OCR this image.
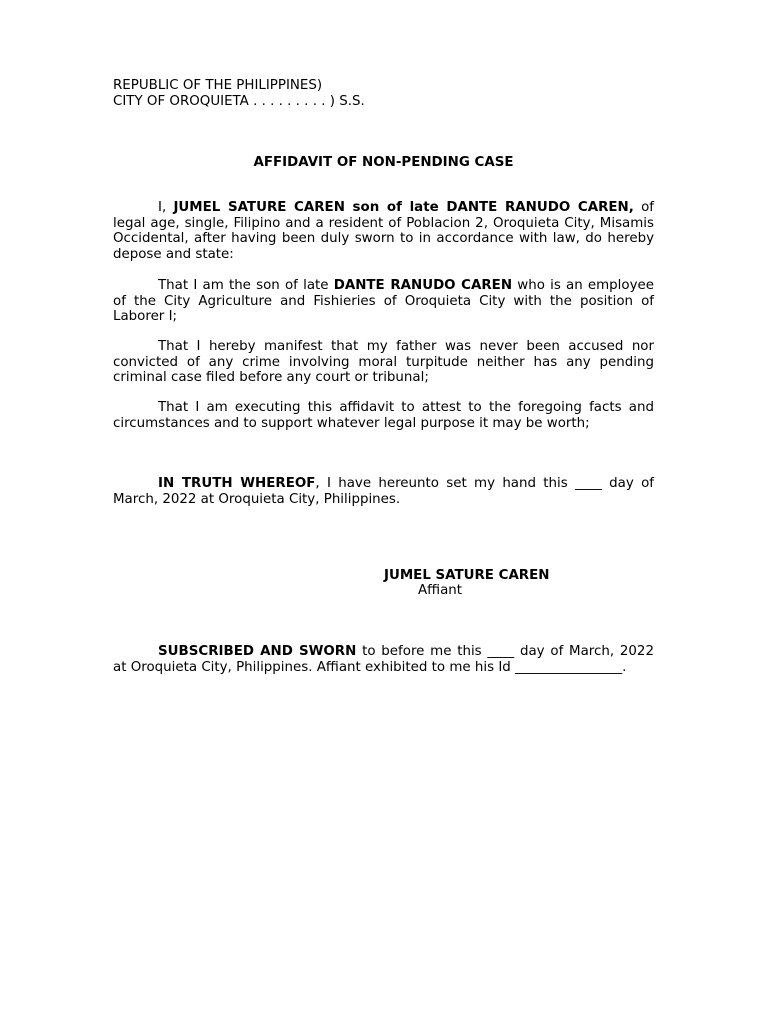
REPUBLIC OF THE PHILIPPINES)
CITY OF OROQUIETA . . . . . . . . . ) S.S.
AFFIDAVIT OF NON-PENDING CASE

I, JUMEL SATURE CAREN son of late DANTE RANUDO CAREN, of legal age, single, Filipino and a resident of Poblacion 2, Oroquieta City, Misamis Occidental, after having been duly sworn to in accordance with law, do hereby depose and state:

That I am the son of late DANTE RANUDO CAREN who is an employee of the City Agriculture and Fishieries of Oroquieta City with the position of Laborer I;

That I hereby manifest that my father was never been accused nor convicted of any crime involving moral turpitude neither has any pending criminal case filed before any court or tribunal;

That I am executing this affidavit to attest to the foregoing facts and circumstances and to support whatever legal purpose it may be worth;

IN TRUTH WHEREOF, I have hereunto set my hand this ____ day of March, 2022 at Oroquieta City, Philippines.

JUMEL SATURE CAREN
Affiant

SUBSCRIBED AND SWORN to before me this ____ day of March, 2022 at Oroquieta City, Philippines. Affiant exhibited to me his Id ________________.
